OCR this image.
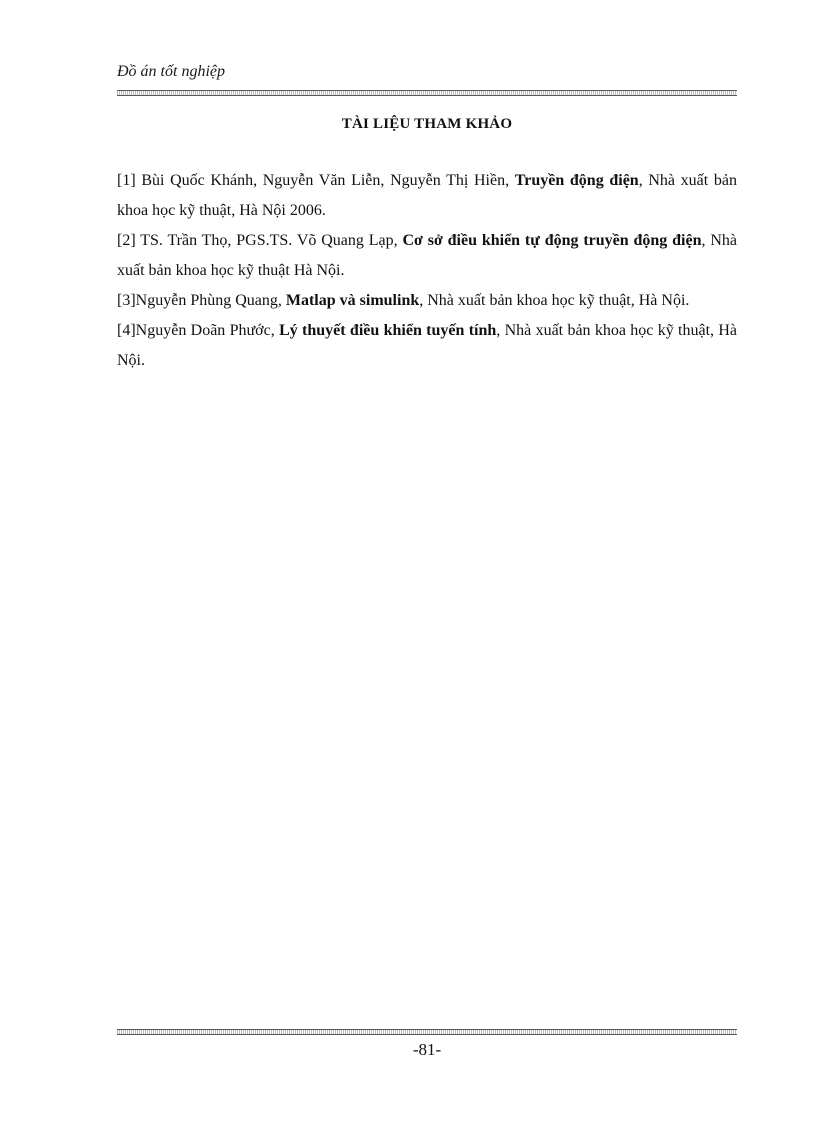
Đồ án tốt nghiệp
TÀI LIỆU THAM KHẢO

[1] Bùi Quốc Khánh, Nguyễn Văn Liễn, Nguyễn Thị Hiền, Truyền động điện, Nhà xuất bản khoa học kỹ thuật, Hà Nội 2006.

[2] TS. Trần Thọ, PGS.TS. Võ Quang Lạp, Cơ sở điều khiển tự động truyền động điện, Nhà xuất bản khoa học kỹ thuật Hà Nội.

[3]Nguyễn Phùng Quang, Matlap và simulink, Nhà xuất bản khoa học kỹ thuật, Hà Nội.

[4]Nguyễn Doãn Phước, Lý thuyết điều khiển tuyến tính, Nhà xuất bản khoa học kỹ thuật, Hà Nội.

-81-
